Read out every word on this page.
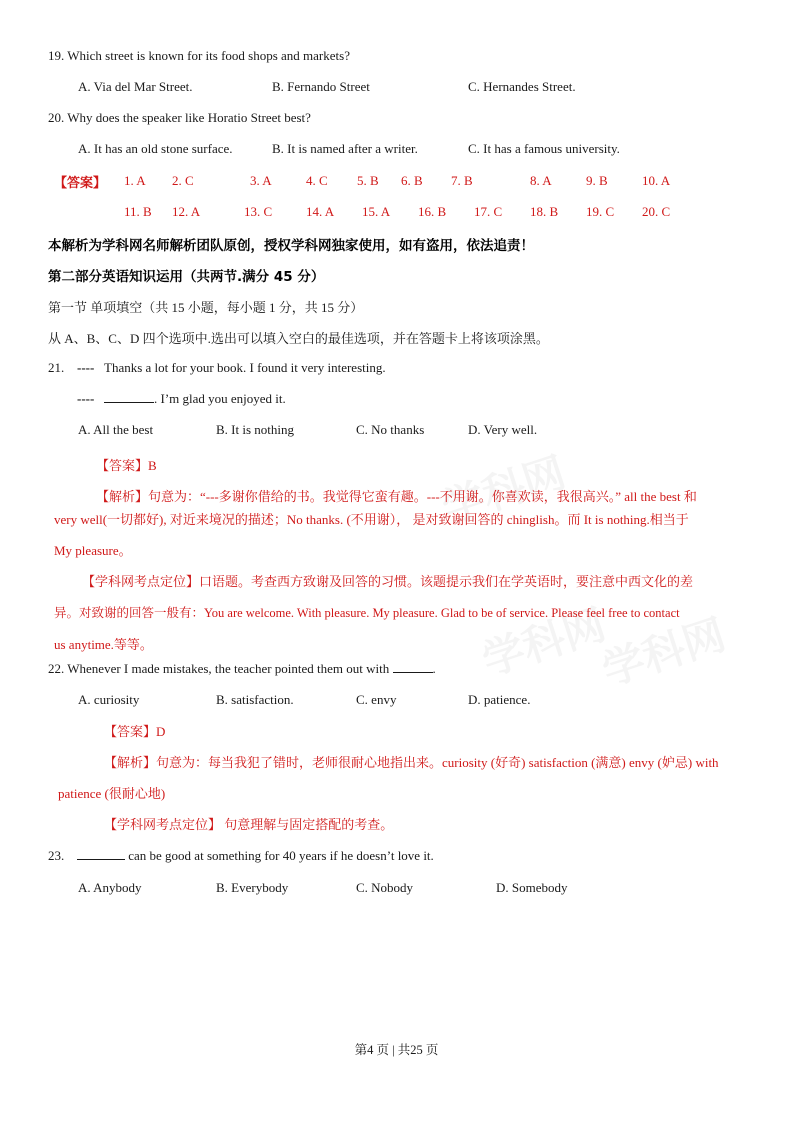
19. Which street is known for its food shops and markets?
A. Via del Mar Street.	B. Fernando Street	C. Hernandes Street.
20. Why does the speaker like Horatio Street best?
A. It has an old stone surface.	B. It is named after a writer.	C. It has a famous university.
【答案】 1. A 2. C	3. A	4. C 5. B 6. B 7. B	8. A	9. B	10. A
11. B 12. A	13. C	14. A 15. A 16. B 17. C 18. B 19. C 20. C
本解析为学科网名师解析团队原创，授权学科网独家使用，如有盗用，依法追责！
第二部分英语知识运用（共两节.满分 45 分）
第一节 单项填空（共 15 小题，每小题 1 分，共 15 分）
从 A、B、C、D 四个选项中.选出可以填入空白的最佳选项，并在答题卡上将该项涂黑。
21. ---- Thanks a lot for your book. I found it very interesting.
----	. I’m glad you enjoyed it.
A. All the best	B. It is nothing	C. No thanks	D. Very well.
【答案】B
【解析】句意为：“---多谢你借给的书。我觉得它蛮有趣。---不用谢。你喜欢读，我很高兴。” all the best 和
very well(一切都好), 对近来境况的描述；No thanks. (不用谢）， 是对致谢回答的 chinglish。而 It is nothing.相当于
My pleasure。
【学科网考点定位】口语题。考查西方致谢及回答的习惯。该题提示我们在学英语时，要注意中西文化的差
异。对致谢的回答一般有：You are welcome. With pleasure. My pleasure. Glad to be of service. Please feel free to contact
us anytime.等等。
22. Whenever I made mistakes, the teacher pointed them out with	.
A. curiosity	B. satisfaction.	C. envy	D. patience.
【答案】D
【解析】句意为：每当我犯了错时，老师很耐心地指出来。curiosity (好奇) satisfaction (满意) envy (妒忌) with
patience (很耐心地)
【学科网考点定位】 句意理解与固定搭配的考查。
23.	can be good at something for 40 years if he doesn’t love it.
A. Anybody	B. Everybody	C. Nobody	D. Somebody
第4 页 | 共25 页
